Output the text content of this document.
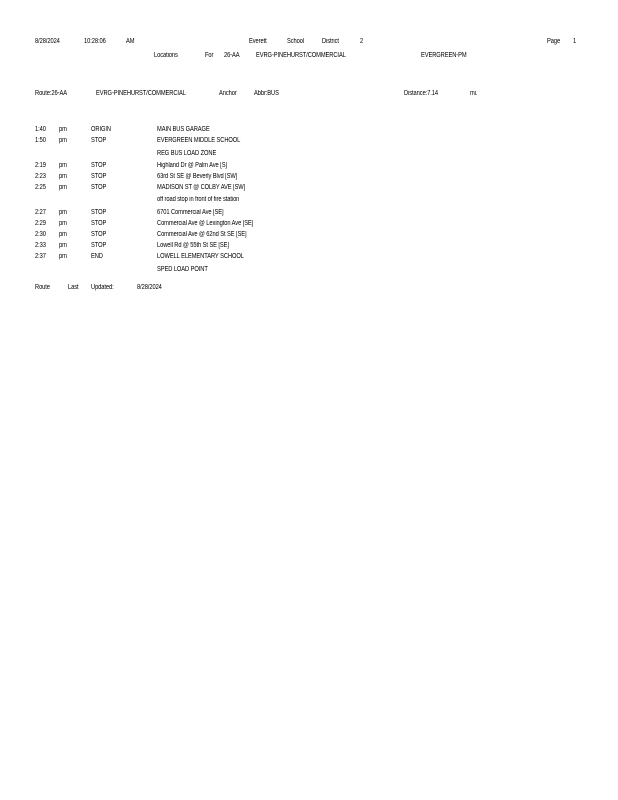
8/28/2024	10:28:06	AM	Everett	School	District	2	Page 1
Locations	For 26-AA EVRG-PINEHURST/COMMERCIAL	EVERGREEN-PM
Route:26-AA	EVRG-PINEHURST/COMMERCIAL	Anchor Abbr:BUS	Distance:7.14	mi.
1:40 pm	ORIGIN	MAIN BUS GARAGE
1:50 pm	STOP	EVERGREEN MIDDLE SCHOOL
REG BUS LOAD ZONE
2:19 pm	STOP	Highland Dr @ Palm Ave [S]
2:23 pm	STOP	63rd St SE @ Beverly Blvd [SW]
2:25 pm	STOP	MADISON ST @ COLBY AVE [SW]
off road stop in front of fire station
2:27 pm	STOP	6701 Commercial Ave [SE]
2:29 pm	STOP	Commercial Ave @ Lexington Ave [SE]
2:30 pm	STOP	Commercial Ave @ 62nd St SE [SE]
2:33 pm	STOP	Lowell Rd @ 55th St SE [SE]
2:37 pm	END	LOWELL ELEMENTARY SCHOOL
SPED LOAD POINT
Route	Last Updated:	8/28/2024
